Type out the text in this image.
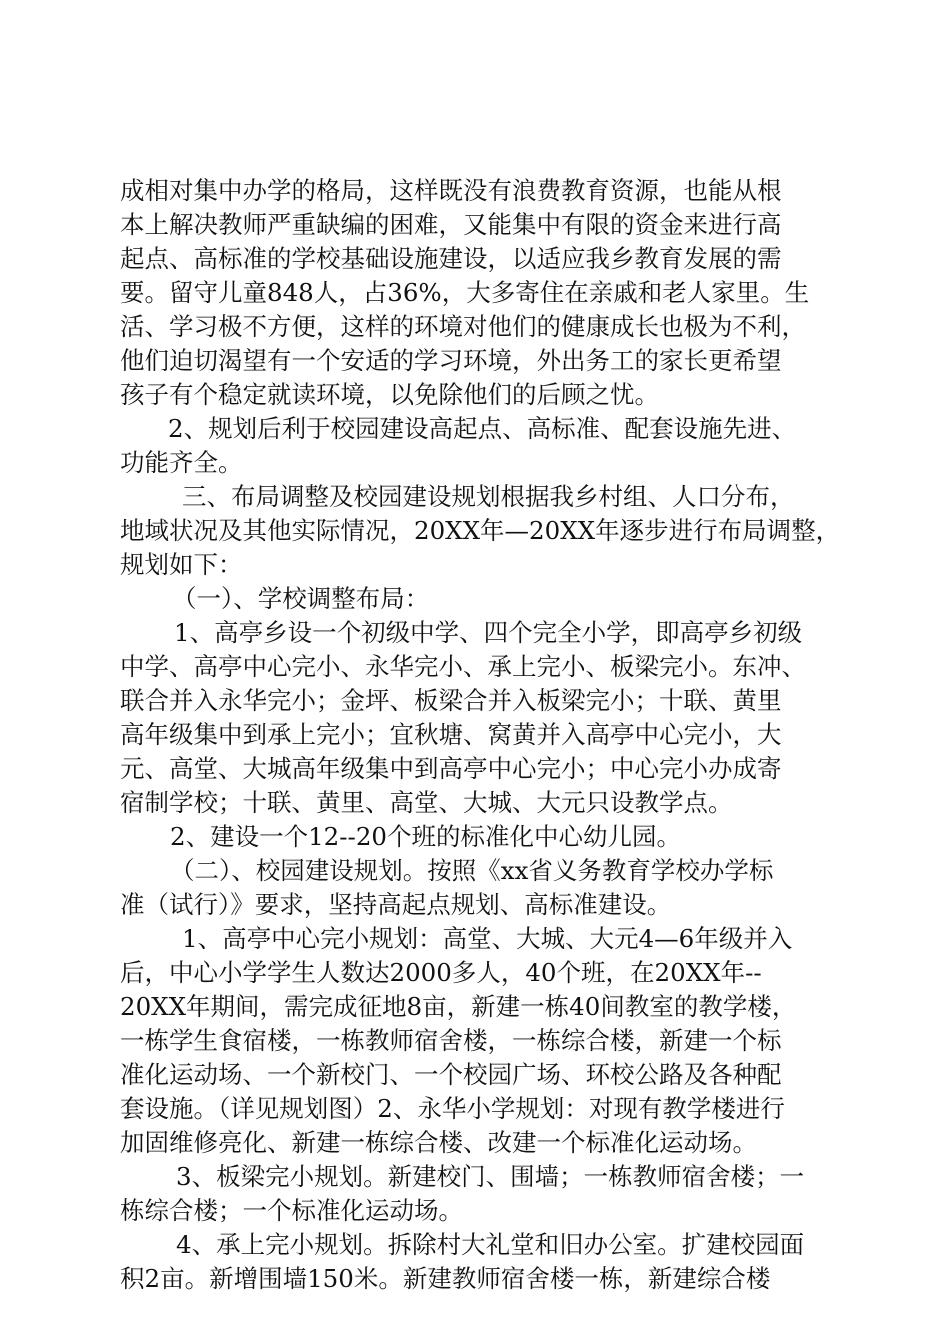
成相对集中办学的格局，这样既没有浪费教育资源，也能从根
本上解决教师严重缺编的困难，又能集中有限的资金来进行高
起点、高标准的学校基础设施建设，以适应我乡教育发展的需
要。留守儿童848人，占36%，大多寄住在亲戚和老人家里。生
活、学习极不方便，这样的环境对他们的健康成长也极为不利，
他们迫切渴望有一个安适的学习环境，外出务工的家长更希望
孩子有个稳定就读环境，以免除他们的后顾之忧。
2、规划后利于校园建设高起点、高标准、配套设施先进、
功能齐全。
三、布局调整及校园建设规划根据我乡村组、人口分布，
地域状况及其他实际情况，20XX年—20XX年逐步进行布局调整，
规划如下：
（一）、学校调整布局：
1、高亭乡设一个初级中学、四个完全小学，即高亭乡初级
中学、高亭中心完小、永华完小、承上完小、板梁完小。东冲、
联合并入永华完小；金坪、板梁合并入板梁完小；十联、黄里
高年级集中到承上完小；宜秋塘、窝黄并入高亭中心完小，大
元、高堂、大城高年级集中到高亭中心完小；中心完小办成寄
宿制学校；十联、黄里、高堂、大城、大元只设教学点。
2、建设一个12--20个班的标准化中心幼儿园。
（二）、校园建设规划。按照《xx省义务教育学校办学标
准（试行）》要求，坚持高起点规划、高标准建设。
1、高亭中心完小规划：高堂、大城、大元4—6年级并入
后，中心小学学生人数达2000多人，40个班，在20XX年--
20XX年期间，需完成征地8亩，新建一栋40间教室的教学楼，
一栋学生食宿楼，一栋教师宿舍楼，一栋综合楼，新建一个标
准化运动场、一个新校门、一个校园广场、环校公路及各种配
套设施。（详见规划图）2、永华小学规划：对现有教学楼进行
加固维修亮化、新建一栋综合楼、改建一个标准化运动场。
3、板梁完小规划。新建校门、围墙；一栋教师宿舍楼；一
栋综合楼；一个标准化运动场。
4、承上完小规划。拆除村大礼堂和旧办公室。扩建校园面
积2亩。新增围墙150米。新建教师宿舍楼一栋，新建综合楼
